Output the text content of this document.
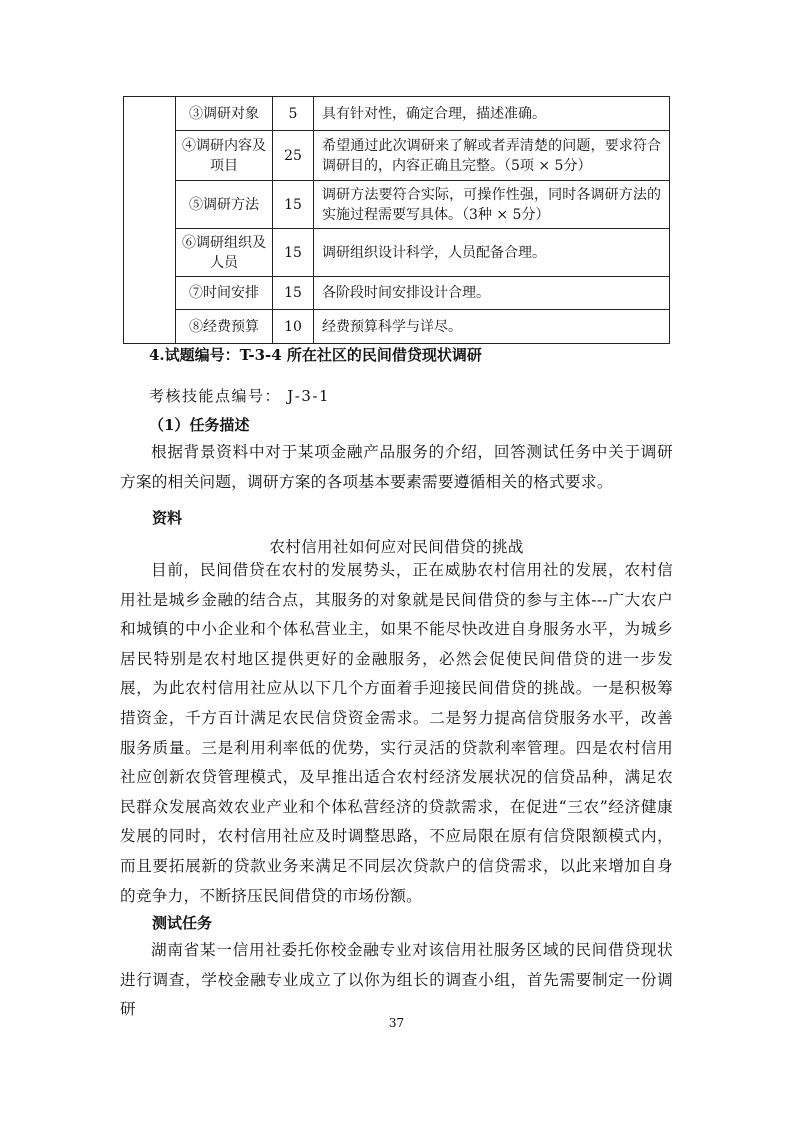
	③调研对象	5	具有针对性，确定合理，描述准确。
	④调研内容及项目	25	希望通过此次调研来了解或者弄清楚的问题，要求符合调研目的，内容正确且完整。（5项 × 5分）
	⑤调研方法	15	调研方法要符合实际，可操作性强，同时各调研方法的实施过程需要写具体。（3种 × 5分）
	⑥调研组织及人员	15	调研组织设计科学，人员配备合理。
	⑦时间安排	15	各阶段时间安排设计合理。
	⑧经费预算	10	经费预算科学与详尽。
4.试题编号：T-3-4 所在社区的民间借贷现状调研
考核技能点编号： J-3-1
（1）任务描述
根据背景资料中对于某项金融产品服务的介绍，回答测试任务中关于调研方案的相关问题，调研方案的各项基本要素需要遵循相关的格式要求。
资料
农村信用社如何应对民间借贷的挑战
目前，民间借贷在农村的发展势头，正在威胁农村信用社的发展，农村信用社是城乡金融的结合点，其服务的对象就是民间借贷的参与主体---广大农户和城镇的中小企业和个体私营业主，如果不能尽快改进自身服务水平，为城乡居民特别是农村地区提供更好的金融服务，必然会促使民间借贷的进一步发展，为此农村信用社应从以下几个方面着手迎接民间借贷的挑战。一是积极筹措资金，千方百计满足农民信贷资金需求。二是努力提高信贷服务水平，改善服务质量。三是利用利率低的优势，实行灵活的贷款利率管理。四是农村信用社应创新农贷管理模式，及早推出适合农村经济发展状况的信贷品种，满足农民群众发展高效农业产业和个体私营经济的贷款需求，在促进“三农”经济健康发展的同时，农村信用社应及时调整思路，不应局限在原有信贷限额模式内，而且要拓展新的贷款业务来满足不同层次贷款户的信贷需求，以此来增加自身的竞争力，不断挤压民间借贷的市场份额。
测试任务
湖南省某一信用社委托你校金融专业对该信用社服务区域的民间借贷现状进行调查，学校金融专业成立了以你为组长的调查小组，首先需要制定一份调研
37
